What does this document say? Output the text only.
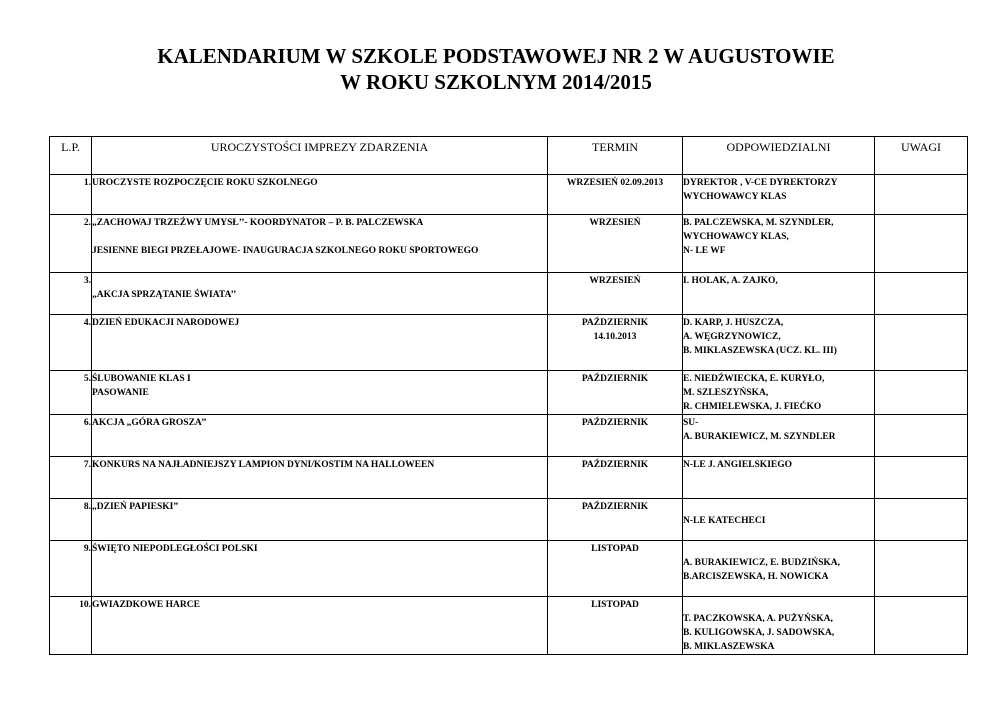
KALENDARIUM W SZKOLE PODSTAWOWEJ NR 2 W AUGUSTOWIE
W ROKU SZKOLNYM 2014/2015
L.P.	UROCZYSTOŚCI IMPREZY ZDARZENIA	TERMIN	ODPOWIEDZIALNI	UWAGI
1.	UROCZYSTE ROZPOCZĘCIE ROKU SZKOLNEGO	WRZESIEŃ 02.09.2013	DYREKTOR , V-CE DYREKTORZY
WYCHOWAWCY KLAS	

2.	„ZACHOWAJ TRZEŹWY UMYSŁ’’- KOORDYNATOR – P. B. PALCZEWSKA
JESIENNE BIEGI PRZEŁAJOWE- INAUGURACJA SZKOLNEGO ROKU SPORTOWEGO	WRZESIEŃ	B. PALCZEWSKA, M. SZYNDLER,
WYCHOWAWCY KLAS,
N- LE WF	

3.	„AKCJA SPRZĄTANIE ŚWIATA’’	WRZESIEŃ	I. HOLAK, A. ZAJKO,	

4.	DZIEŃ EDUKACJI NARODOWEJ	PAŹDZIERNIK
14.10.2013	D. KARP, J. HUSZCZA,
A. WĘGRZYNOWICZ,
B. MIKLASZEWSKA (UCZ. KL. III)	

5.	ŚLUBOWANIE KLAS I
PASOWANIE	PAŹDZIERNIK	E. NIEDŹWIECKA, E. KURYŁO,
M. SZLESZYŃSKA,
R. CHMIELEWSKA, J. FIEĆKO	

6.	AKCJA „GÓRA GROSZA’’	PAŹDZIERNIK	SU-
A. BURAKIEWICZ, M. SZYNDLER	

7.	KONKURS NA NAJŁADNIEJSZY LAMPION DYNI/KOSTIM NA HALLOWEEN	PAŹDZIERNIK	N-LE J. ANGIELSKIEGO	

8.	„DZIEŃ PAPIESKI”	PAŹDZIERNIK	N-LE KATECHECI	

9.	ŚWIĘTO NIEPODLEGŁOŚCI POLSKI	LISTOPAD	A. BURAKIEWICZ, E. BUDZIŃSKA,
B.ARCISZEWSKA, H. NOWICKA	

10.	GWIAZDKOWE HARCE	LISTOPAD	T. PACZKOWSKA, A. PUŻYŃSKA,
B. KULIGOWSKA, J. SADOWSKA,
B. MIKLASZEWSKA	
